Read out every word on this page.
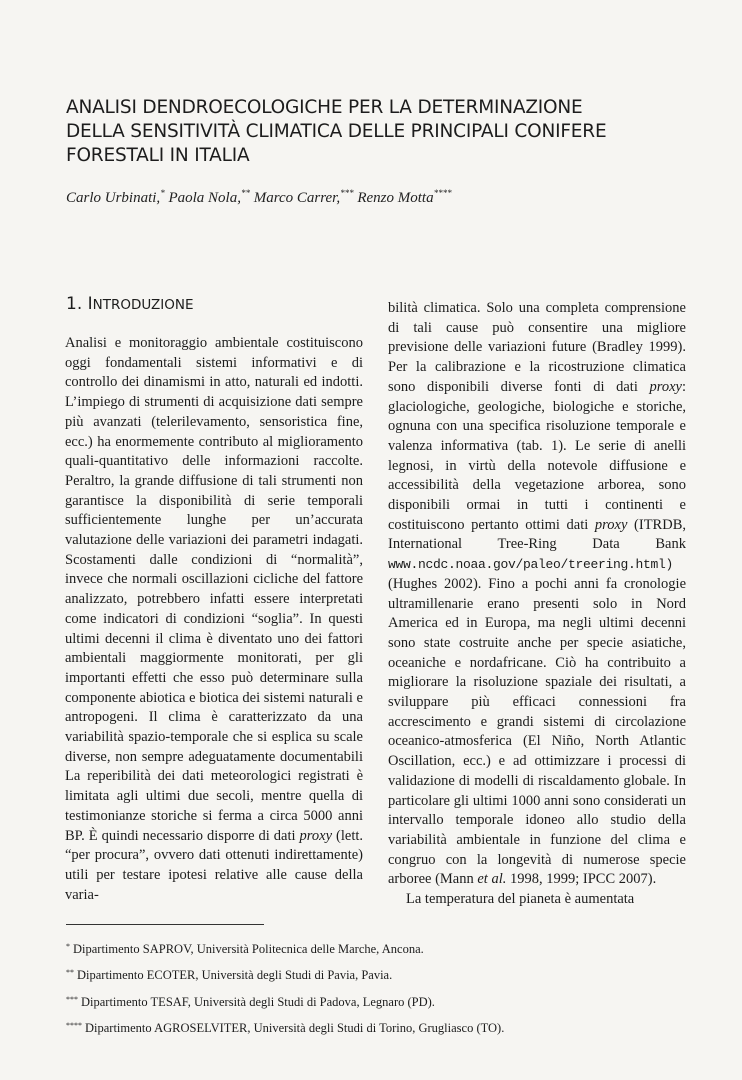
ANALISI DENDROECOLOGICHE PER LA DETERMINAZIONE
DELLA SENSITIVITÀ CLIMATICA DELLE PRINCIPALI CONIFERE
FORESTALI IN ITALIA
Carlo Urbinati,* Paola Nola,** Marco Carrer,*** Renzo Motta****
1. INTRODUZIONE

Analisi e monitoraggio ambientale costituiscono oggi fondamentali sistemi informativi e di controllo dei dinamismi in atto, naturali ed indotti. L’impiego di strumenti di acquisizione dati sempre più avanzati (telerilevamento, sensoristica fine, ecc.) ha enormemente contributo al miglioramento quali-quantitativo delle informazioni raccolte. Peraltro, la grande diffusione di tali strumenti non garantisce la disponibilità di serie temporali sufficientemente lunghe per un’accurata valutazione delle variazioni dei parametri indagati. Scostamenti dalle condizioni di “normalità”, invece che normali oscillazioni cicliche del fattore analizzato, potrebbero infatti essere interpretati come indicatori di condizioni “soglia”. In questi ultimi decenni il clima è diventato uno dei fattori ambientali maggiormente monitorati, per gli importanti effetti che esso può determinare sulla componente abiotica e biotica dei sistemi naturali e antropogeni. Il clima è caratterizzato da una variabilità spazio-temporale che si esplica su scale diverse, non sempre adeguatamente documentabili La reperibilità dei dati meteorologici registrati è limitata agli ultimi due secoli, mentre quella di testimonianze storiche si ferma a circa 5000 anni BP. È quindi necessario disporre di dati proxy (lett. “per procura”, ovvero dati ottenuti indirettamente) utili per testare ipotesi relative alle cause della varia-

bilità climatica. Solo una completa comprensione di tali cause può consentire una migliore previsione delle variazioni future (Bradley 1999). Per la calibrazione e la ricostruzione climatica sono disponibili diverse fonti di dati proxy: glaciologiche, geologiche, biologiche e storiche, ognuna con una specifica risoluzione temporale e valenza informativa (tab. 1). Le serie di anelli legnosi, in virtù della notevole diffusione e accessibilità della vegetazione arborea, sono disponibili ormai in tutti i continenti e costituiscono pertanto ottimi dati proxy (ITRDB, International Tree-Ring Data Bank www.ncdc.noaa.gov/paleo/treering.html) (Hughes 2002). Fino a pochi anni fa cronologie ultramillenarie erano presenti solo in Nord America ed in Europa, ma negli ultimi decenni sono state costruite anche per specie asiatiche, oceaniche e nordafricane. Ciò ha contribuito a migliorare la risoluzione spaziale dei risultati, a sviluppare più efficaci connessioni fra accrescimento e grandi sistemi di circolazione oceanico-atmosferica (El Niño, North Atlantic Oscillation, ecc.) e ad ottimizzare i processi di validazione di modelli di riscaldamento globale. In particolare gli ultimi 1000 anni sono considerati un intervallo temporale idoneo allo studio della variabilità ambientale in funzione del clima e congruo con la longevità di numerose specie arboree (Mann et al. 1998, 1999; IPCC 2007).

La temperatura del pianeta è aumentata

* Dipartimento SAPROV, Università Politecnica delle Marche, Ancona.
** Dipartimento ECOTER, Università degli Studi di Pavia, Pavia.
*** Dipartimento TESAF, Università degli Studi di Padova, Legnaro (PD).
**** Dipartimento AGROSELVITER, Università degli Studi di Torino, Grugliasco (TO).
